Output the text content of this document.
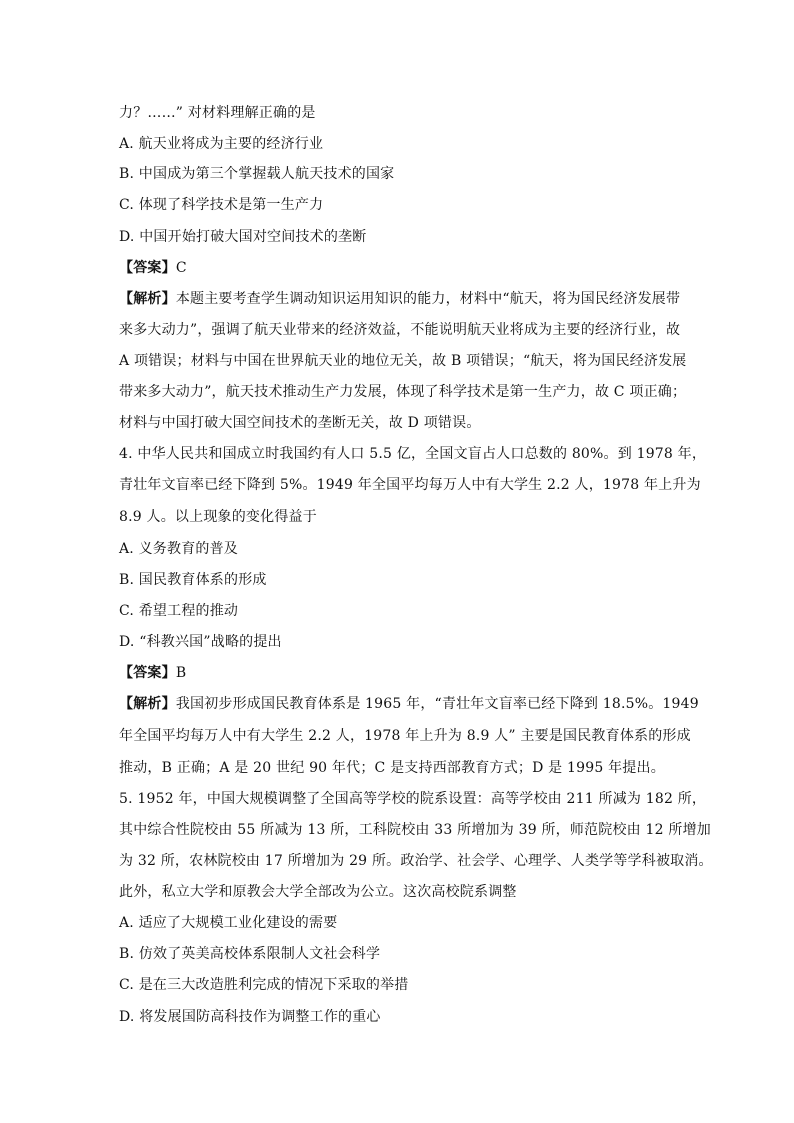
力？……” 对材料理解正确的是
A. 航天业将成为主要的经济行业
B. 中国成为第三个掌握载人航天技术的国家
C. 体现了科学技术是第一生产力
D. 中国开始打破大国对空间技术的垄断
【答案】C
【解析】本题主要考查学生调动知识运用知识的能力，材料中“航天，将为国民经济发展带
来多大动力”，强调了航天业带来的经济效益，不能说明航天业将成为主要的经济行业，故
A 项错误；材料与中国在世界航天业的地位无关，故 B 项错误；“航天，将为国民经济发展
带来多大动力”，航天技术推动生产力发展，体现了科学技术是第一生产力，故 C 项正确；
材料与中国打破大国空间技术的垄断无关，故 D 项错误。
4. 中华人民共和国成立时我国约有人口 5.5 亿，全国文盲占人口总数的 80%。到 1978 年，
青壮年文盲率已经下降到 5%。1949 年全国平均每万人中有大学生 2.2 人，1978 年上升为
8.9 人。以上现象的变化得益于
A. 义务教育的普及
B. 国民教育体系的形成
C. 希望工程的推动
D. “科教兴国”战略的提出
【答案】B
【解析】我国初步形成国民教育体系是 1965 年，“青壮年文盲率已经下降到 18.5%。1949
年全国平均每万人中有大学生 2.2 人，1978 年上升为 8.9 人” 主要是国民教育体系的形成
推动，B 正确；A 是 20 世纪 90 年代；C 是支持西部教育方式；D 是 1995 年提出。
5. 1952 年，中国大规模调整了全国高等学校的院系设置：高等学校由 211 所减为 182 所，
其中综合性院校由 55 所减为 13 所，工科院校由 33 所增加为 39 所，师范院校由 12 所增加
为 32 所，农林院校由 17 所增加为 29 所。政治学、社会学、心理学、人类学等学科被取消。
此外，私立大学和原教会大学全部改为公立。这次高校院系调整
A. 适应了大规模工业化建设的需要
B. 仿效了英美高校体系限制人文社会科学
C. 是在三大改造胜利完成的情况下采取的举措
D. 将发展国防高科技作为调整工作的重心
